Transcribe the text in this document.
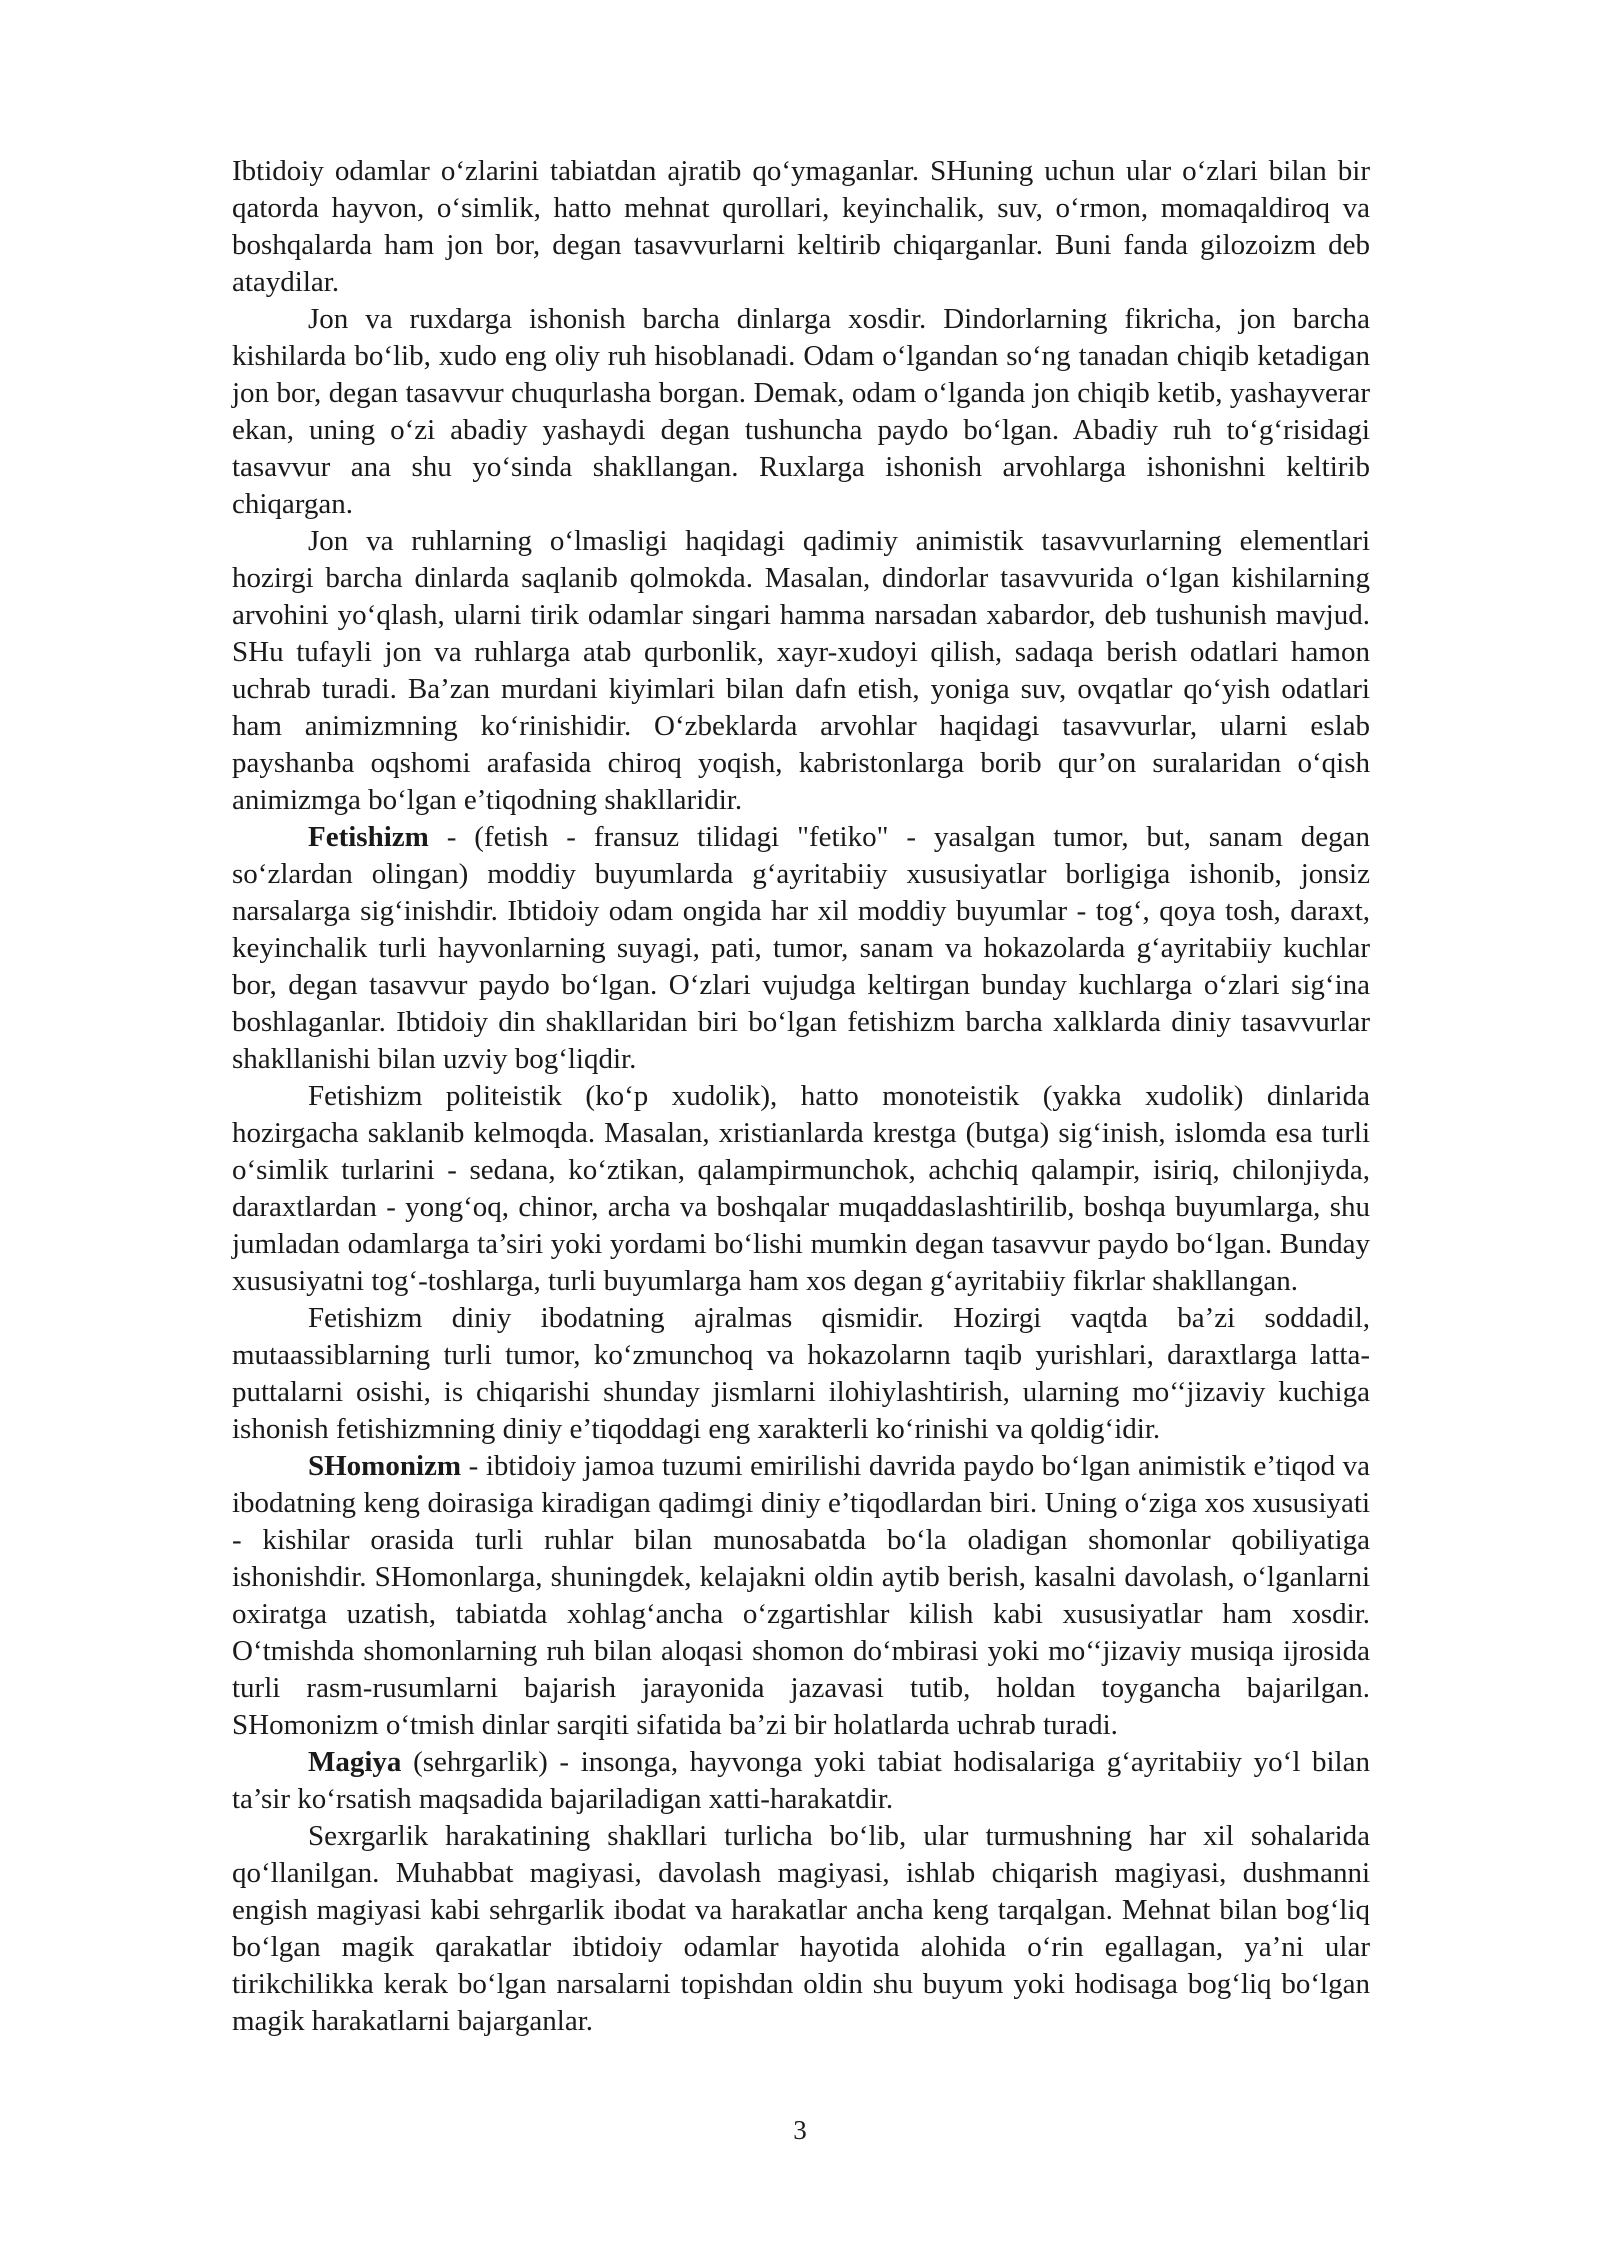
Ibtidoiy odamlar o‘zlarini tabiatdan ajratib qo‘ymaganlar. SHuning uchun ular o‘zlari bilan bir qatorda hayvon, o‘simlik, hatto mehnat qurollari, keyinchalik, suv, o‘rmon, momaqaldiroq va boshqalarda ham jon bor, degan tasavvurlarni keltirib chiqarganlar. Buni fanda gilozoizm deb ataydilar.

Jon va ruxdarga ishonish barcha dinlarga xosdir. Dindorlarning fikricha, jon barcha kishilarda bo‘lib, xudo eng oliy ruh hisoblanadi. Odam o‘lgandan so‘ng tanadan chiqib ketadigan jon bor, degan tasavvur chuqurlasha borgan. Demak, odam o‘lganda jon chiqib ketib, yashayverar ekan, uning o‘zi abadiy yashaydi degan tushuncha paydo bo‘lgan. Abadiy ruh to‘g‘risidagi tasavvur ana shu yo‘sinda shakllangan. Ruxlarga ishonish arvohlarga ishonishni keltirib chiqargan.

Jon va ruhlarning o‘lmasligi haqidagi qadimiy animistik tasavvurlarning elementlari hozirgi barcha dinlarda saqlanib qolmokda. Masalan, dindorlar tasavvurida o‘lgan kishilarning arvohini yo‘qlash, ularni tirik odamlar singari hamma narsadan xabardor, deb tushunish mavjud. SHu tufayli jon va ruhlarga atab qurbonlik, xayr-xudoyi qilish, sadaqa berish odatlari hamon uchrab turadi. Ba’zan murdani kiyimlari bilan dafn etish, yoniga suv, ovqatlar qo‘yish odatlari ham animizmning ko‘rinishidir. O‘zbeklarda arvohlar haqidagi tasavvurlar, ularni eslab payshanba oqshomi arafasida chiroq yoqish, kabristonlarga borib qur’on suralaridan o‘qish animizmga bo‘lgan e’tiqodning shakllaridir.

Fetishizm - (fetish - fransuz tilidagi "fetiko" - yasalgan tumor, but, sanam degan so‘zlardan olingan) moddiy buyumlarda g‘ayritabiiy xususiyatlar borligiga ishonib, jonsiz narsalarga sig‘inishdir. Ibtidoiy odam ongida har xil moddiy buyumlar - tog‘, qoya tosh, daraxt, keyinchalik turli hayvonlarning suyagi, pati, tumor, sanam va hokazolarda g‘ayritabiiy kuchlar bor, degan tasavvur paydo bo‘lgan. O‘zlari vujudga keltirgan bunday kuchlarga o‘zlari sig‘ina boshlaganlar. Ibtidoiy din shakllaridan biri bo‘lgan fetishizm barcha xalklarda diniy tasavvurlar shakllanishi bilan uzviy bog‘liqdir.

Fetishizm politeistik (ko‘p xudolik), hatto monoteistik (yakka xudolik) dinlarida hozirgacha saklanib kelmoqda. Masalan, xristianlarda krestga (butga) sig‘inish, islomda esa turli o‘simlik turlarini - sedana, ko‘ztikan, qalampirmunchok, achchiq qalampir, isiriq, chilonjiyda, daraxtlardan - yong‘oq, chinor, archa va boshqalar muqaddaslashtirilib, boshqa buyumlarga, shu jumladan odamlarga ta’siri yoki yordami bo‘lishi mumkin degan tasavvur paydo bo‘lgan. Bunday xususiyatni tog‘-toshlarga, turli buyumlarga ham xos degan g‘ayritabiiy fikrlar shakllangan.

Fetishizm diniy ibodatning ajralmas qismidir. Hozirgi vaqtda ba’zi soddadil, mutaassiblarning turli tumor, ko‘zmunchoq va hokazolarnn taqib yurishlari, daraxtlarga latta-puttalarni osishi, is chiqarishi shunday jismlarni ilohiylashtirish, ularning mo‘‘jizaviy kuchiga ishonish fetishizmning diniy e’tiqoddagi eng xarakterli ko‘rinishi va qoldig‘idir.

SHomonizm - ibtidoiy jamoa tuzumi emirilishi davrida paydo bo‘lgan animistik e’tiqod va ibodatning keng doirasiga kiradigan qadimgi diniy e’tiqodlardan biri. Uning o‘ziga xos xususiyati - kishilar orasida turli ruhlar bilan munosabatda bo‘la oladigan shomonlar qobiliyatiga ishonishdir. SHomonlarga, shuningdek, kelajakni oldin aytib berish, kasalni davolash, o‘lganlarni oxiratga uzatish, tabiatda xohlag‘ancha o‘zgartishlar kilish kabi xususiyatlar ham xosdir. O‘tmishda shomonlarning ruh bilan aloqasi shomon do‘mbirasi yoki mo‘‘jizaviy musiqa ijrosida turli rasm-rusumlarni bajarish jarayonida jazavasi tutib, holdan toygancha bajarilgan. SHomonizm o‘tmish dinlar sarqiti sifatida ba’zi bir holatlarda uchrab turadi.

Magiya (sehrgarlik) - insonga, hayvonga yoki tabiat hodisalariga g‘ayritabiiy yo‘l bilan ta’sir ko‘rsatish maqsadida bajariladigan xatti-harakatdir.

Sexrgarlik harakatining shakllari turlicha bo‘lib, ular turmushning har xil sohalarida qo‘llanilgan. Muhabbat magiyasi, davolash magiyasi, ishlab chiqarish magiyasi, dushmanni engish magiyasi kabi sehrgarlik ibodat va harakatlar ancha keng tarqalgan. Mehnat bilan bog‘liq bo‘lgan magik qarakatlar ibtidoiy odamlar hayotida alohida o‘rin egallagan, ya’ni ular tirikchilikka kerak bo‘lgan narsalarni topishdan oldin shu buyum yoki hodisaga bog‘liq bo‘lgan magik harakatlarni bajarganlar.

3
